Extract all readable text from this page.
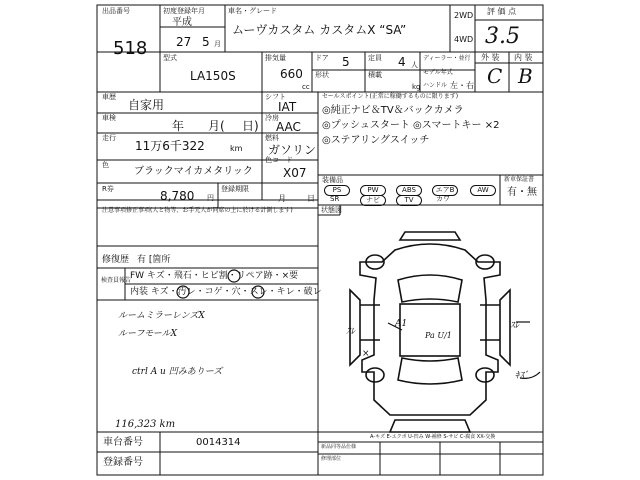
出品番号
518
初度登録年月
平成
27 5 月
車名・グレード
ムーヴカスタム カスタムX “SA”
2WD
4WD
評 価 点
3.5
型式
LA150S
排気量
660
cc
ドア 5	定員 4 人
形状	積載
kg
ディーラー・並行
モデル年式
ハンドル 左・右
外 装 内 装
C B
車歴
自家用
車検
年 月( 日)
走行
11万6千322	km
色
ブラックマイカメタリック
シフト
IAT
冷房
AAC
燃料
ガソリン
色コード
X07
R券	8,780 円
登録期限
月	日
注意事項修正事項(人と物等、お手元人が同席の上に於ける計測します)
修復歴 有 [箇所
検査員報告
FW キズ・飛石・ヒビ割・リペア跡・×要
内装 キズ・汚レ・コゲ・穴・スレ・キレ・破レ
ルームミラーレンズX
ルーフモールX
ctrl A u 凹みありーズ
116,323 km
セールスポイント(正常に稼働するものに限ります)
◎純正ナビ＆TV＆バックカメラ
◎プッシュスタート ◎スマートキー ×2
◎ステアリングスイッチ
装備品
PS	PW	ABS	エアB	AW
SR	ナビ	TV	カワ
新車保証書
有・無
状態図
A1
Pa U/1
ｽﾚ
×
ｽﾚ
ｷｽﾞ
A-キズ E-エクボ U-凹み W-補修 S-サビ C-腐食 XX-交換
新品同等品仕様
修理部位
車台番号	0014314
登録番号
